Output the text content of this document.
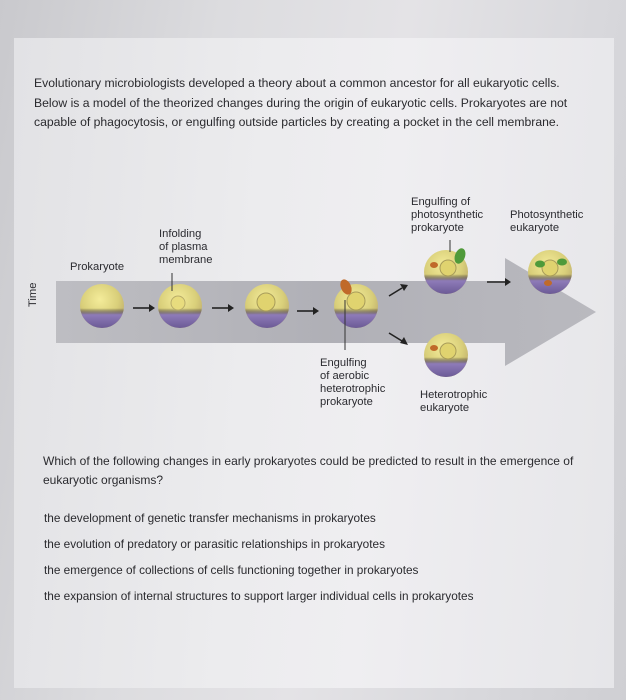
Evolutionary microbiologists developed a theory about a common ancestor for all eukaryotic cells. Below is a model of the theorized changes during the origin of eukaryotic cells. Prokaryotes are not capable of phagocytosis, or engulfing outside particles by creating a pocket in the cell membrane.
Time
Prokaryote
Infolding
of plasma
membrane
Engulfing of
photosynthetic
prokaryote
Photosynthetic
eukaryote
Engulfing
of aerobic
heterotrophic
prokaryote
Heterotrophic
eukaryote
Which of the following changes in early prokaryotes could be predicted to result in the emergence of eukaryotic organisms?
the development of genetic transfer mechanisms in prokaryotes
the evolution of predatory or parasitic relationships in prokaryotes
the emergence of collections of cells functioning together in prokaryotes
the expansion of internal structures to support larger individual cells in prokaryotes
